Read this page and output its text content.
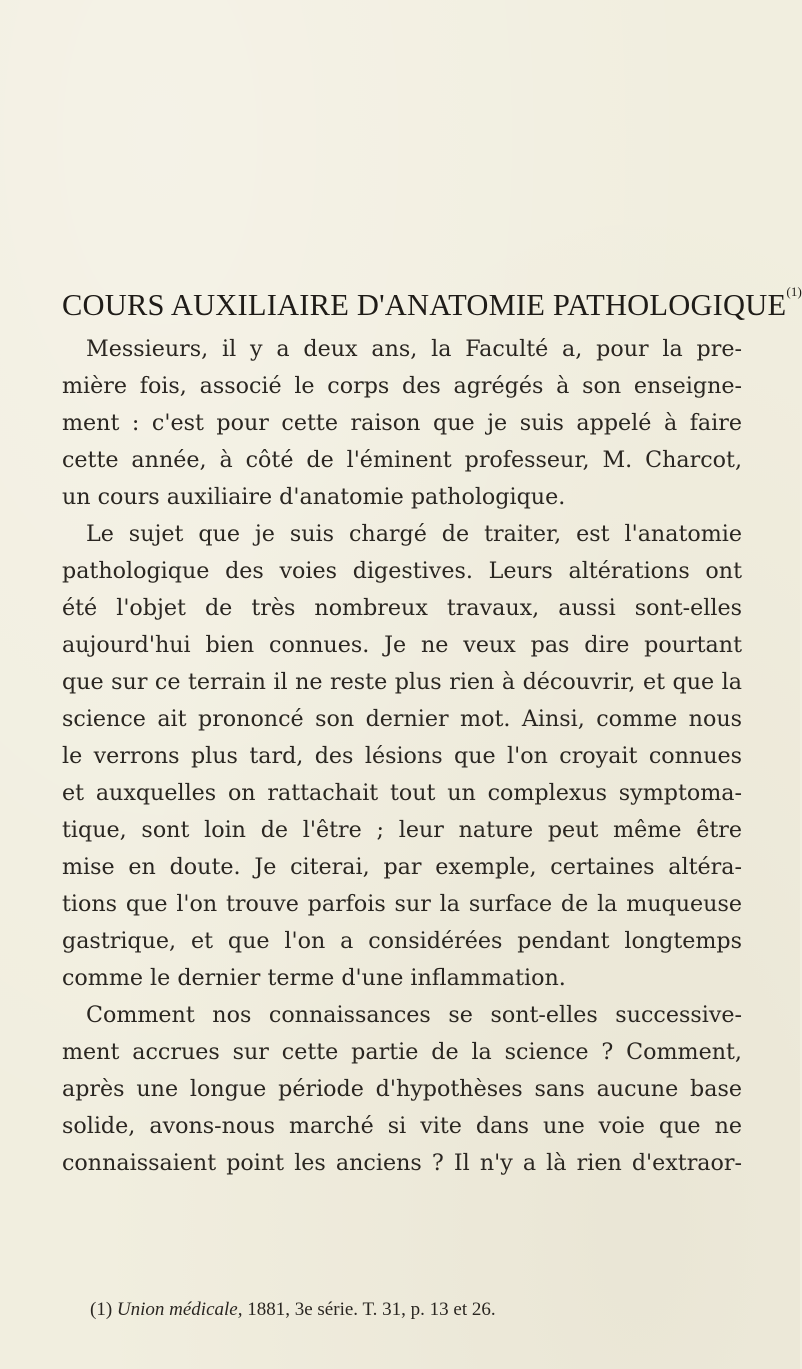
COURS AUXILIAIRE D'ANATOMIE PATHOLOGIQUE$^{(1)}$
Messieurs, il y a deux ans, la Faculté a, pour la pre-
mière fois, associé le corps des agrégés à son enseigne-
ment : c'est pour cette raison que je suis appelé à faire
cette année, à côté de l'éminent professeur, M. Charcot,
un cours auxiliaire d'anatomie pathologique.
Le sujet que je suis chargé de traiter, est l'anatomie
pathologique des voies digestives. Leurs altérations ont
été l'objet de très nombreux travaux, aussi sont-elles
aujourd'hui bien connues. Je ne veux pas dire pourtant
que sur ce terrain il ne reste plus rien à découvrir, et que la
science ait prononcé son dernier mot. Ainsi, comme nous
le verrons plus tard, des lésions que l'on croyait connues
et auxquelles on rattachait tout un complexus symptoma-
tique, sont loin de l'être ; leur nature peut même être
mise en doute. Je citerai, par exemple, certaines altéra-
tions que l'on trouve parfois sur la surface de la muqueuse
gastrique, et que l'on a considérées pendant longtemps
comme le dernier terme d'une inflammation.
Comment nos connaissances se sont-elles successive-
ment accrues sur cette partie de la science ? Comment,
après une longue période d'hypothèses sans aucune base
solide, avons-nous marché si vite dans une voie que ne
connaissaient point les anciens ? Il n'y a là rien d'extraor-
(1) Union médicale, 1881, 3e série. T. 31, p. 13 et 26.
